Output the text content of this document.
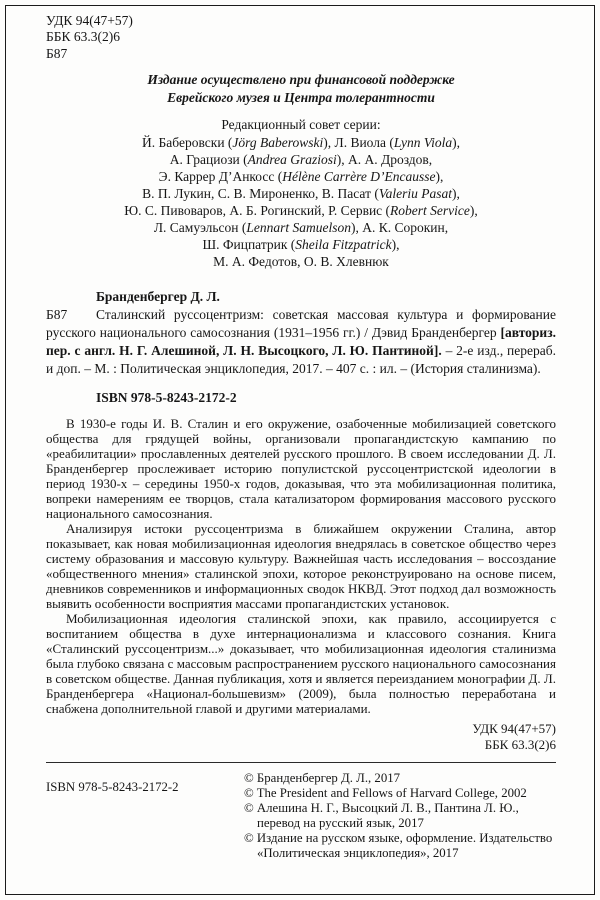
УДК 94(47+57)
ББК 63.3(2)6
Б87
Издание осуществлено при финансовой поддержке
Еврейского музея и Центра толерантности
Редакционный совет серии:
Й. Баберовски (Jörg Baberowski), Л. Виола (Lynn Viola),
А. Грациози (Andrea Graziosi), А. А. Дроздов,
Э. Каррер Д’Анкосс (Hélène Carrère D’Encausse),
В. П. Лукин, С. В. Мироненко, В. Пасат (Valeriu Pasat),
Ю. С. Пивоваров, А. Б. Рогинский, Р. Сервис (Robert Service),
Л. Самуэльсон (Lennart Samuelson), А. К. Сорокин,
Ш. Фицпатрик (Sheila Fitzpatrick),
М. А. Федотов, О. В. Хлевнюк
Бранденбергер Д. Л.
Б87	Сталинский руссоцентризм: советская массовая культура и формирование русского национального самосознания (1931–1956 гг.) / Дэвид Бранденбергер [авториз. пер. с англ. Н. Г. Алешиной, Л. Н. Высоцкого, Л. Ю. Пантиной]. – 2-е изд., перераб. и доп. – М. : Политическая энциклопедия, 2017. – 407 с. : ил. – (История сталинизма).

ISBN 978-5-8243-2172-2

В 1930-е годы И. В. Сталин и его окружение, озабоченные мобилизацией советского общества для грядущей войны, организовали пропагандистскую кампанию по «реабилитации» прославленных деятелей русского прошлого. В своем исследовании Д. Л. Бранденбергер прослеживает историю популистской руссоцентристской идеологии в период 1930-х – середины 1950-х годов, доказывая, что эта мобилизационная политика, вопреки намерениям ее творцов, стала катализатором формирования массового русского национального самосознания.

Анализируя истоки руссоцентризма в ближайшем окружении Сталина, автор показывает, как новая мобилизационная идеология внедрялась в советское общество через систему образования и массовую культуру. Важнейшая часть исследования – воссоздание «общественного мнения» сталинской эпохи, которое реконструировано на основе писем, дневников современников и информационных сводок НКВД. Этот подход дал возможность выявить особенности восприятия массами пропагандистских установок.

Мобилизационная идеология сталинской эпохи, как правило, ассоциируется с воспитанием общества в духе интернационализма и классового сознания. Книга «Сталинский руссоцентризм...» доказывает, что мобилизационная идеология сталинизма была глубоко связана с массовым распространением русского национального самосознания в советском обществе. Данная публикация, хотя и является переизданием монографии Д. Л. Бранденбергера «Национал-большевизм» (2009), была полностью переработана и снабжена дополнительной главой и другими материалами.

УДК 94(47+57)
ББК 63.3(2)6
ISBN 978-5-8243-2172-2
© Бранденбергер Д. Л., 2017
© The President and Fellows of Harvard College, 2002
© Алешина Н. Г., Высоцкий Л. В., Пантина Л. Ю., перевод на русский язык, 2017
© Издание на русском языке, оформление. Издательство «Политическая энциклопедия», 2017
